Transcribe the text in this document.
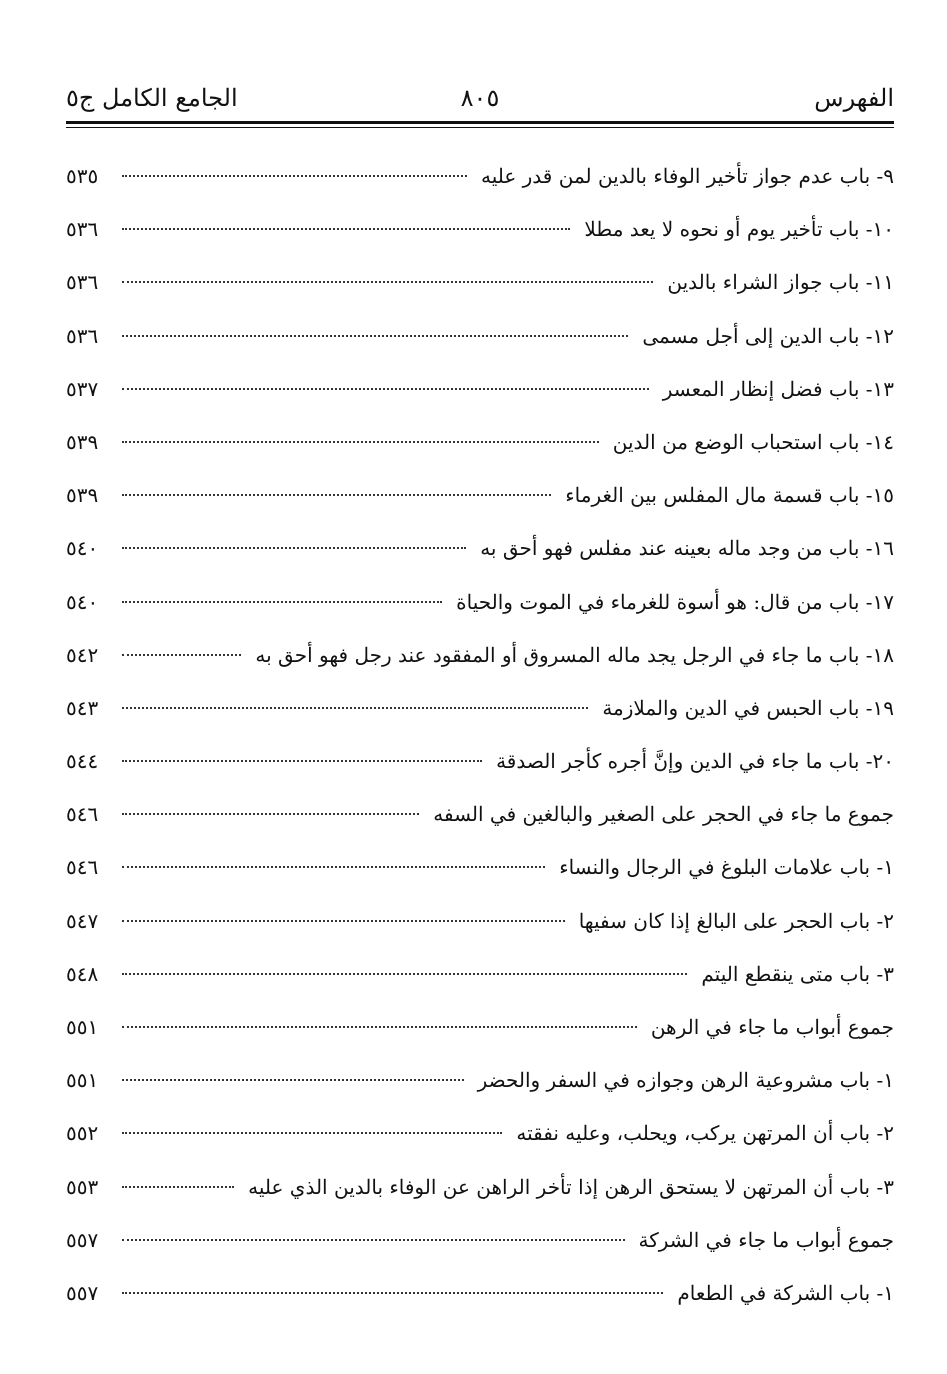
الفهرس
٨٠٥
الجامع الكامل ج٥
٩- باب عدم جواز تأخير الوفاء بالدين لمن قدر عليه
٥٣٥
١٠- باب تأخير يوم أو نحوه لا يعد مطلا
٥٣٦
١١- باب جواز الشراء بالدين
٥٣٦
١٢- باب الدين إلى أجل مسمى
٥٣٦
١٣- باب فضل إنظار المعسر
٥٣٧
١٤- باب استحباب الوضع من الدين
٥٣٩
١٥- باب قسمة مال المفلس بين الغرماء
٥٣٩
١٦- باب من وجد ماله بعينه عند مفلس فهو أحق به
٥٤٠
١٧- باب من قال: هو أسوة للغرماء في الموت والحياة
٥٤٠
١٨- باب ما جاء في الرجل يجد ماله المسروق أو المفقود عند رجل فهو أحق به
٥٤٢
١٩- باب الحبس في الدين والملازمة
٥٤٣
٢٠- باب ما جاء في الدين وإنَّ أجره كأجر الصدقة
٥٤٤
جموع ما جاء في الحجر على الصغير والبالغين في السفه
٥٤٦
١- باب علامات البلوغ في الرجال والنساء
٥٤٦
٢- باب الحجر على البالغ إذا كان سفيها
٥٤٧
٣- باب متى ينقطع اليتم
٥٤٨
جموع أبواب ما جاء في الرهن
٥٥١
١- باب مشروعية الرهن وجوازه في السفر والحضر
٥٥١
٢- باب أن المرتهن يركب، ويحلب، وعليه نفقته
٥٥٢
٣- باب أن المرتهن لا يستحق الرهن إذا تأخر الراهن عن الوفاء بالدين الذي عليه
٥٥٣
جموع أبواب ما جاء في الشركة
٥٥٧
١- باب الشركة في الطعام
٥٥٧
